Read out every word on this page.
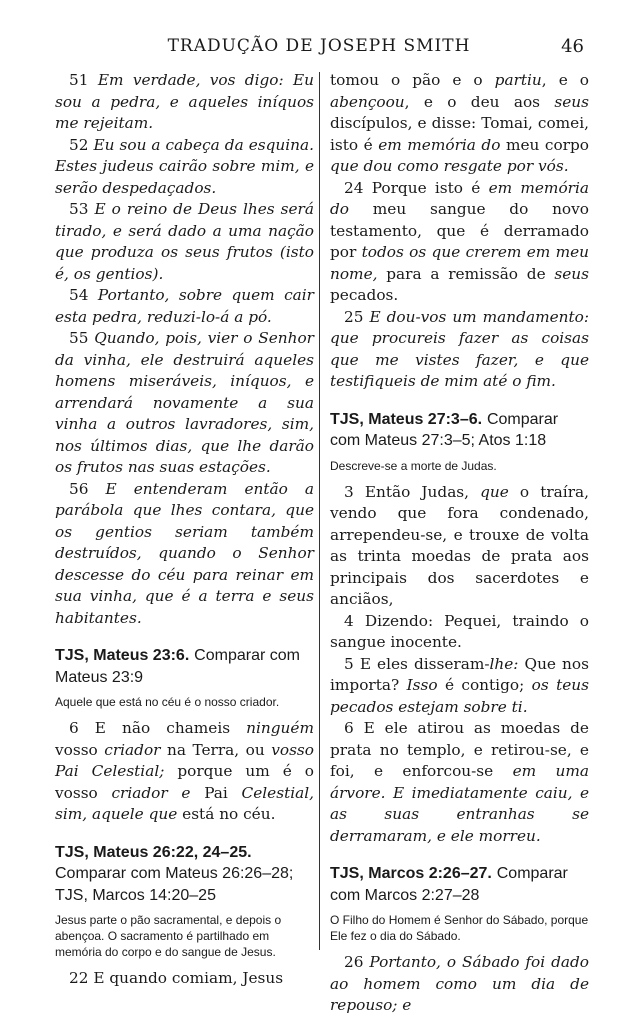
TRADUÇÃO DE JOSEPH SMITH	46

51 Em verdade, vos digo: Eu sou a pedra, e aqueles iníquos me rejeitam.

52 Eu sou a cabeça da esquina. Estes judeus cairão sobre mim, e serão despedaçados.

53 E o reino de Deus lhes será tirado, e será dado a uma nação que produza os seus frutos (isto é, os gentios).

54 Portanto, sobre quem cair esta pedra, reduzi-lo-á a pó.

55 Quando, pois, vier o Senhor da vinha, ele destruirá aqueles homens miseráveis, iníquos, e arrendará novamente a sua vinha a outros lavradores, sim, nos últimos dias, que lhe darão os frutos nas suas estações.

56 E entenderam então a parábola que lhes contara, que os gentios seriam também destruídos, quando o Senhor descesse do céu para reinar em sua vinha, que é a terra e seus habitantes.

TJS, Mateus 23:6. Comparar com Mateus 23:9

Aquele que está no céu é o nosso criador.

6 E não chameis ninguém vosso criador na Terra, ou vosso Pai Celestial; porque um é o vosso criador e Pai Celestial, sim, aquele que está no céu.

TJS, Mateus 26:22, 24–25. Comparar com Mateus 26:26–28; TJS, Marcos 14:20–25

Jesus parte o pão sacramental, e depois o abençoa. O sacramento é partilhado em memória do corpo e do sangue de Jesus.

22 E quando comiam, Jesus

tomou o pão e o partiu, e o abençoou, e o deu aos seus discípulos, e disse: Tomai, comei, isto é em memória do meu corpo que dou como resgate por vós.

24 Porque isto é em memória do meu sangue do novo testamento, que é derramado por todos os que crerem em meu nome, para a remissão de seus pecados.

25 E dou-vos um mandamento: que procureis fazer as coisas que me vistes fazer, e que testifiqueis de mim até o fim.

TJS, Mateus 27:3–6. Comparar com Mateus 27:3–5; Atos 1:18

Descreve-se a morte de Judas.

3 Então Judas, que o traíra, vendo que fora condenado, arrependeu-se, e trouxe de volta as trinta moedas de prata aos principais dos sacerdotes e anciãos,

4 Dizendo: Pequei, traindo o sangue inocente.

5 E eles disseram-lhe: Que nos importa? Isso é contigo; os teus pecados estejam sobre ti.

6 E ele atirou as moedas de prata no templo, e retirou-se, e foi, e enforcou-se em uma árvore. E imediatamente caiu, e as suas entranhas se derramaram, e ele morreu.

TJS, Marcos 2:26–27. Comparar com Marcos 2:27–28

O Filho do Homem é Senhor do Sábado, porque Ele fez o dia do Sábado.

26 Portanto, o Sábado foi dado ao homem como um dia de repouso; e
